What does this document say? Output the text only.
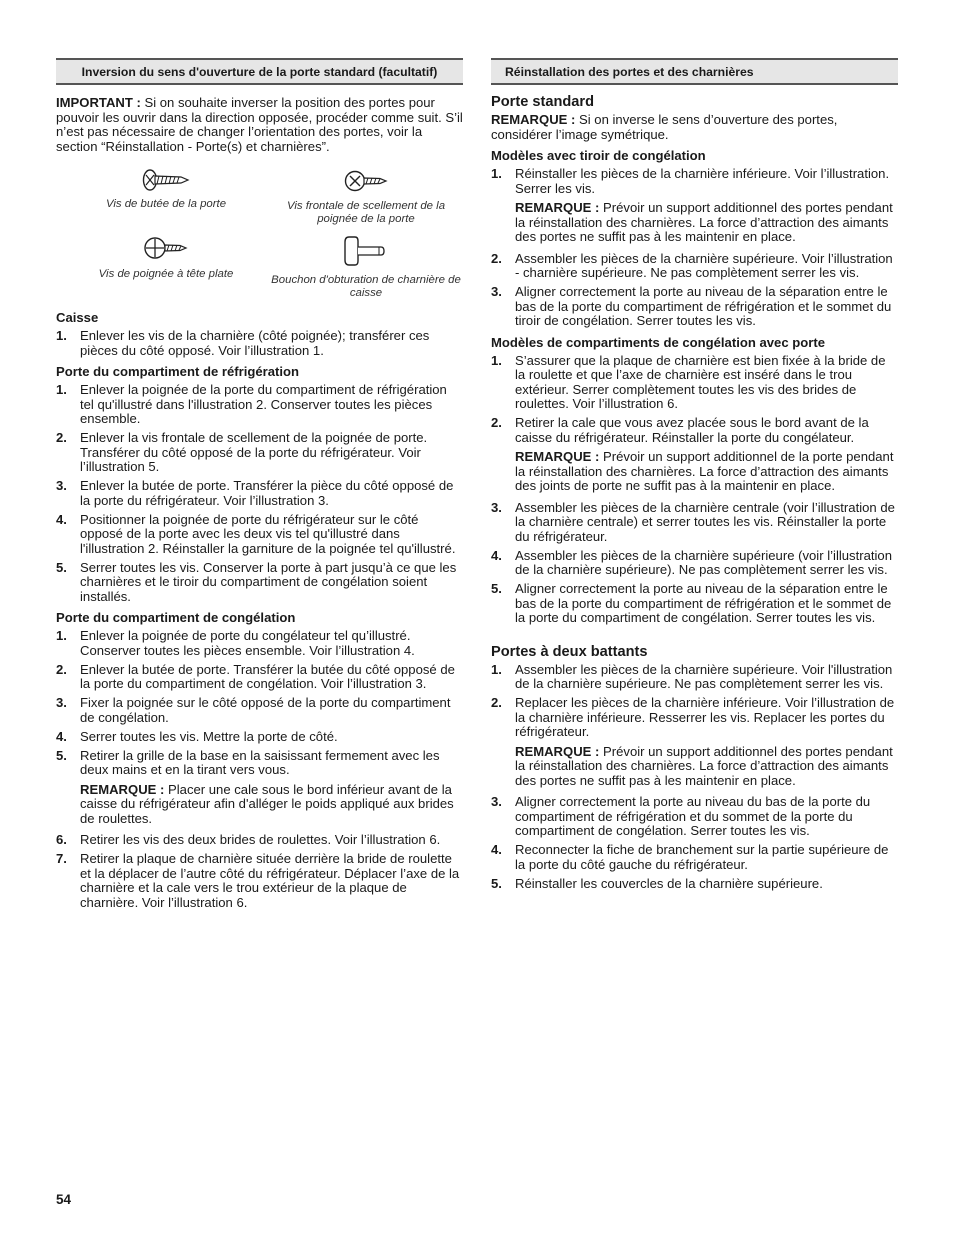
Inversion du sens d'ouverture de la porte standard (facultatif)

IMPORTANT : Si on souhaite inverser la position des portes pour pouvoir les ouvrir dans la direction opposée, procéder comme suit. S’il n’est pas nécessaire de changer l’orientation des portes, voir la section “Réinstallation - Porte(s) et charnières”.

Vis de butée de la porte	Vis frontale de scellement de la poignée de la porte
Vis de poignée à tête plate	Bouchon d'obturation de charnière de caisse
Caisse
1. Enlever les vis de la charnière (côté poignée); transférer ces pièces du côté opposé. Voir l’illustration 1.
Porte du compartiment de réfrigération
1. Enlever la poignée de la porte du compartiment de réfrigération tel qu'illustré dans l'illustration 2. Conserver toutes les pièces ensemble.
2. Enlever la vis frontale de scellement de la poignée de porte. Transférer du côté opposé de la porte du réfrigérateur. Voir l’illustration 5.
3. Enlever la butée de porte. Transférer la pièce du côté opposé de la porte du réfrigérateur. Voir l’illustration 3.
4. Positionner la poignée de porte du réfrigérateur sur le côté opposé de la porte avec les deux vis tel qu'illustré dans l'illustration 2. Réinstaller la garniture de la poignée tel qu'illustré.
5. Serrer toutes les vis. Conserver la porte à part jusqu’à ce que les charnières et le tiroir du compartiment de congélation soient installés.
Porte du compartiment de congélation
1. Enlever la poignée de porte du congélateur tel qu’illustré. Conserver toutes les pièces ensemble. Voir l’illustration 4.
2. Enlever la butée de porte. Transférer la butée du côté opposé de la porte du compartiment de congélation. Voir l’illustration 3.
3. Fixer la poignée sur le côté opposé de la porte du compartiment de congélation.
4. Serrer toutes les vis. Mettre la porte de côté.
5. Retirer la grille de la base en la saisissant fermement avec les deux mains et en la tirant vers vous.

REMARQUE : Placer une cale sous le bord inférieur avant de la caisse du réfrigérateur afin d'alléger le poids appliqué aux brides de roulettes.

6. Retirer les vis des deux brides de roulettes. Voir l’illustration 6.
7. Retirer la plaque de charnière située derrière la bride de roulette et la déplacer de l’autre côté du réfrigérateur. Déplacer l’axe de la charnière et la cale vers le trou extérieur de la plaque de charnière. Voir l’illustration 6.
Réinstallation des portes et des charnières
Porte standard

REMARQUE : Si on inverse le sens d’ouverture des portes, considérer l’image symétrique.

Modèles avec tiroir de congélation
1. Réinstaller les pièces de la charnière inférieure. Voir l’illustration. Serrer les vis.

REMARQUE : Prévoir un support additionnel des portes pendant la réinstallation des charnières. La force d’attraction des aimants des portes ne suffit pas à les maintenir en place.

2. Assembler les pièces de la charnière supérieure. Voir l’illustration - charnière supérieure. Ne pas complètement serrer les vis.
3. Aligner correctement la porte au niveau de la séparation entre le bas de la porte du compartiment de réfrigération et le sommet du tiroir de congélation. Serrer toutes les vis.
Modèles de compartiments de congélation avec porte
1. S’assurer que la plaque de charnière est bien fixée à la bride de la roulette et que l’axe de charnière est inséré dans le trou extérieur. Serrer complètement toutes les vis des brides de roulettes. Voir l’illustration 6.
2. Retirer la cale que vous avez placée sous le bord avant de la caisse du réfrigérateur. Réinstaller la porte du congélateur.

REMARQUE : Prévoir un support additionnel de la porte pendant la réinstallation des charnières. La force d’attraction des aimants des joints de porte ne suffit pas à la maintenir en place.

3. Assembler les pièces de la charnière centrale (voir l’illustration de la charnière centrale) et serrer toutes les vis. Réinstaller la porte du réfrigérateur.
4. Assembler les pièces de la charnière supérieure (voir l’illustration de la charnière supérieure). Ne pas complètement serrer les vis.
5. Aligner correctement la porte au niveau de la séparation entre le bas de la porte du compartiment de réfrigération et le sommet de la porte du compartiment de congélation. Serrer toutes les vis.
Portes à deux battants
1. Assembler les pièces de la charnière supérieure. Voir l'illustration de la charnière supérieure. Ne pas complètement serrer les vis.
2. Replacer les pièces de la charnière inférieure. Voir l’illustration de la charnière inférieure. Resserrer les vis. Replacer les portes du réfrigérateur.

REMARQUE : Prévoir un support additionnel des portes pendant la réinstallation des charnières. La force d’attraction des aimants des portes ne suffit pas à les maintenir en place.

3. Aligner correctement la porte au niveau du bas de la porte du compartiment de réfrigération et du sommet de la porte du compartiment de congélation. Serrer toutes les vis.
4. Reconnecter la fiche de branchement sur la partie supérieure de la porte du côté gauche du réfrigérateur.
5. Réinstaller les couvercles de la charnière supérieure.
54
